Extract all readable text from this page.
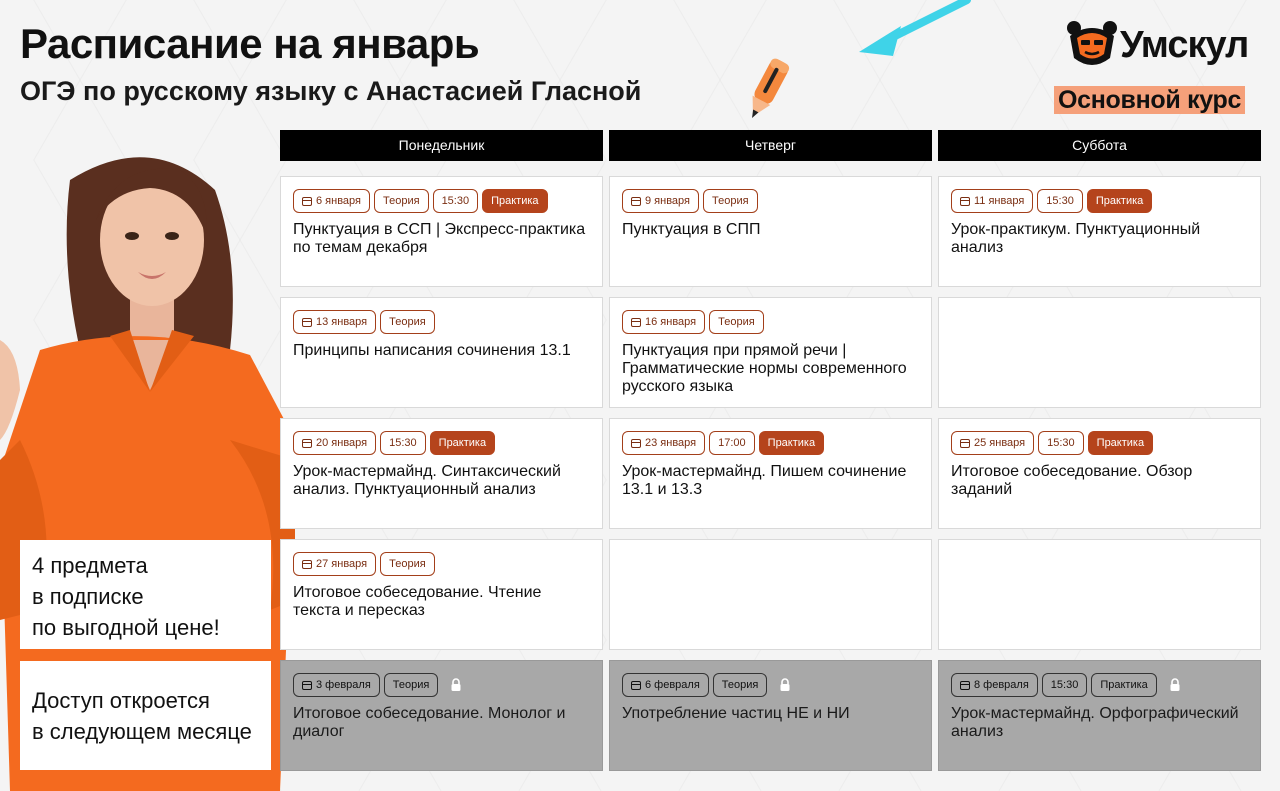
Расписание на январь
ОГЭ по русскому языку с Анастасией Гласной
Умскул
Основной курс
4 предмета
в подписке
по выгодной цене!
Доступ откроется
в следующем месяце
Понедельник	Четверг	Суббота
6 января Теория 15:30 Практика
Пунктуация в ССП | Экспресс-практика по темам декабря
9 января Теория
Пунктуация в СПП
11 января 15:30 Практика
Урок-практикум. Пунктуационный анализ
13 января Теория
Принципы написания сочинения 13.1
16 января Теория
Пунктуация при прямой речи | Грамматические нормы современного русского языка
20 января 15:30 Практика
Урок-мастермайнд. Синтаксический анализ. Пунктуационный анализ
23 января 17:00 Практика
Урок-мастермайнд. Пишем сочинение 13.1 и 13.3
25 января 15:30 Практика
Итоговое собеседование. Обзор заданий
27 января Теория
Итоговое собеседование. Чтение текста и пересказ
3 февраля Теория
Итоговое собеседование. Монолог и диалог
6 февраля Теория
Употребление частиц НЕ и НИ
8 февраля 15:30 Практика
Урок-мастермайнд. Орфографический анализ
